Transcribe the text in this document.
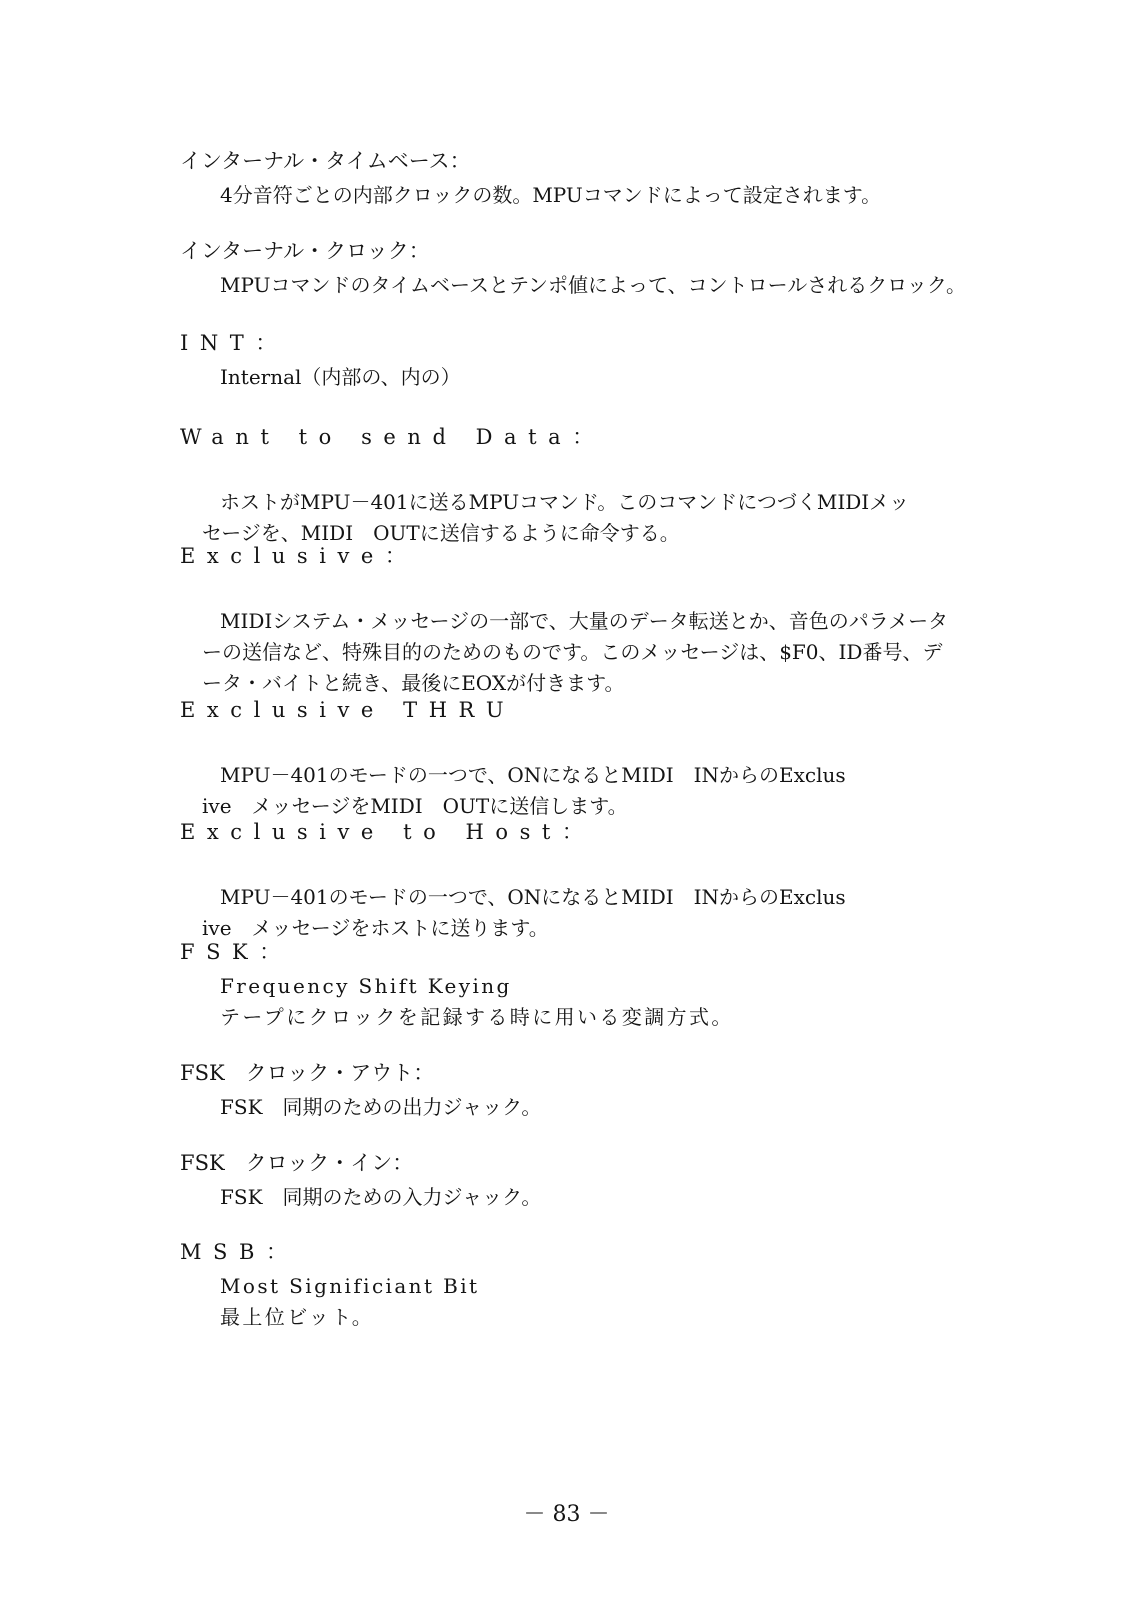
インターナル・タイムベース：
4分音符ごとの内部クロックの数。MPUコマンドによって設定されます。
インターナル・クロック：
MPUコマンドのタイムベースとテンポ値によって、コントロールされるクロック。
INT：
Internal（内部の、内の）
Want to send Data：

ホストがMPU－401に送るMPUコマンド。このコマンドにつづくMIDIメッ
セージを、MIDI　OUTに送信するように命令する。

Exclusive：

MIDIシステム・メッセージの一部で、大量のデータ転送とか、音色のパラメータ
ーの送信など、特殊目的のためのものです。このメッセージは、$F0、ID番号、デ
ータ・バイトと続き、最後にEOXが付きます。

Exclusive THRU

MPU－401のモードの一つで、ONになるとMIDI　INからのExclus
ive　メッセージをMIDI　OUTに送信します。

Exclusive to Host：

MPU－401のモードの一つで、ONになるとMIDI　INからのExclus
ive　メッセージをホストに送ります。

FSK：
Frequency Shift Keying
テープにクロックを記録する時に用いる変調方式。
FSK　クロック・アウト：
FSK　同期のための出力ジャック。
FSK　クロック・イン：
FSK　同期のための入力ジャック。
MSB：
Most Significiant Bit
最上位ビット。
－ 83 －
